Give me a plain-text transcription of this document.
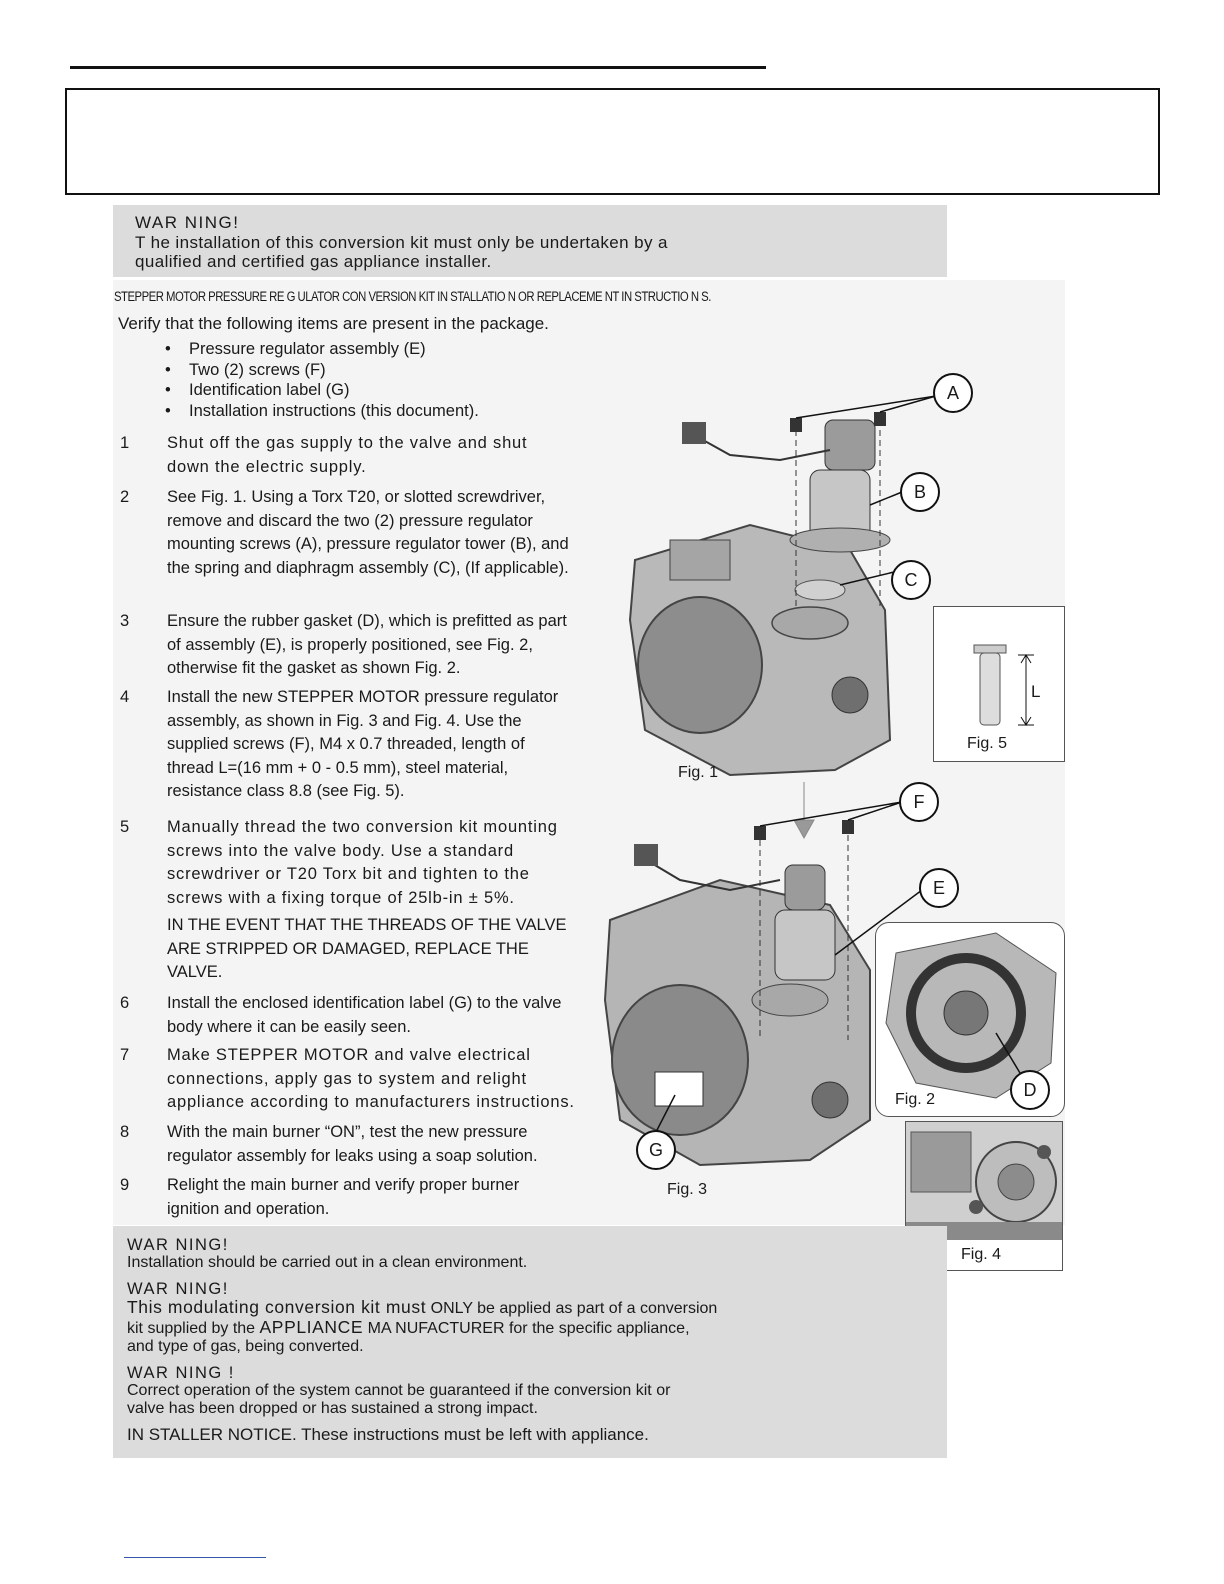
WAR NING!
T he installation of this conversion kit must only be undertaken by a
qualified and certified gas appliance installer.
STEPPER MOTOR PRESSURE RE G ULATOR CON VERSION KIT IN STALLATIO N OR REPLACEME NT IN STRUCTIO N S.
Verify that the following items are present in the package.
• Pressure regulator assembly (E)
• Two (2) screws (F)
• Identification label (G)
• Installation instructions (this document).
1	Shut off the gas supply to the valve and shut down the electric supply.
2	See Fig. 1. Using a Torx T20, or slotted screwdriver, remove and discard the two (2) pressure regulator mounting screws (A), pressure regulator tower (B), and the spring and diaphragm assembly (C), (If applicable).
3	Ensure the rubber gasket (D), which is prefitted as part of assembly (E), is properly positioned, see Fig. 2, otherwise fit the gasket as shown Fig. 2.
4	Install the new STEPPER MOTOR pressure regulator assembly, as shown in Fig. 3 and Fig. 4. Use the supplied screws (F), M4 x 0.7 threaded, length of thread L=(16 mm + 0 - 0.5 mm), steel material, resistance class 8.8 (see Fig. 5).
5	Manually thread the two conversion kit mounting screws into the valve body. Use a standard screwdriver or T20 Torx bit and tighten to the screws with a fixing torque of 25lb-in ± 5%.
IN THE EVENT THAT THE THREADS OF THE VALVE ARE STRIPPED OR DAMAGED, REPLACE THE VALVE.
6	Install the enclosed identification label (G) to the valve body where it can be easily seen.
7	Make STEPPER MOTOR and valve electrical connections, apply gas to system and relight appliance according to manufacturers instructions.
8	With the main burner “ON”, test the new pressure regulator assembly for leaks using a soap solution.
9	Relight the main burner and verify proper burner ignition and operation.
A
B
C
F
E
G
Fig. 1
Fig. 3
L
Fig. 5
Fig. 2	D
Fig. 4
WAR NING!
Installation should be carried out in a clean environment.
WAR NING!
This modulating conversion kit must ONLY be applied as part of a conversion
kit supplied by the APPLIANCE MA NUFACTURER for the specific appliance,
and type of gas, being converted.
WAR NING !
Correct operation of the system cannot be guaranteed if the conversion kit or
valve has been dropped or has sustained a strong impact.
IN STALLER NOTICE. These instructions must be left with appliance.
